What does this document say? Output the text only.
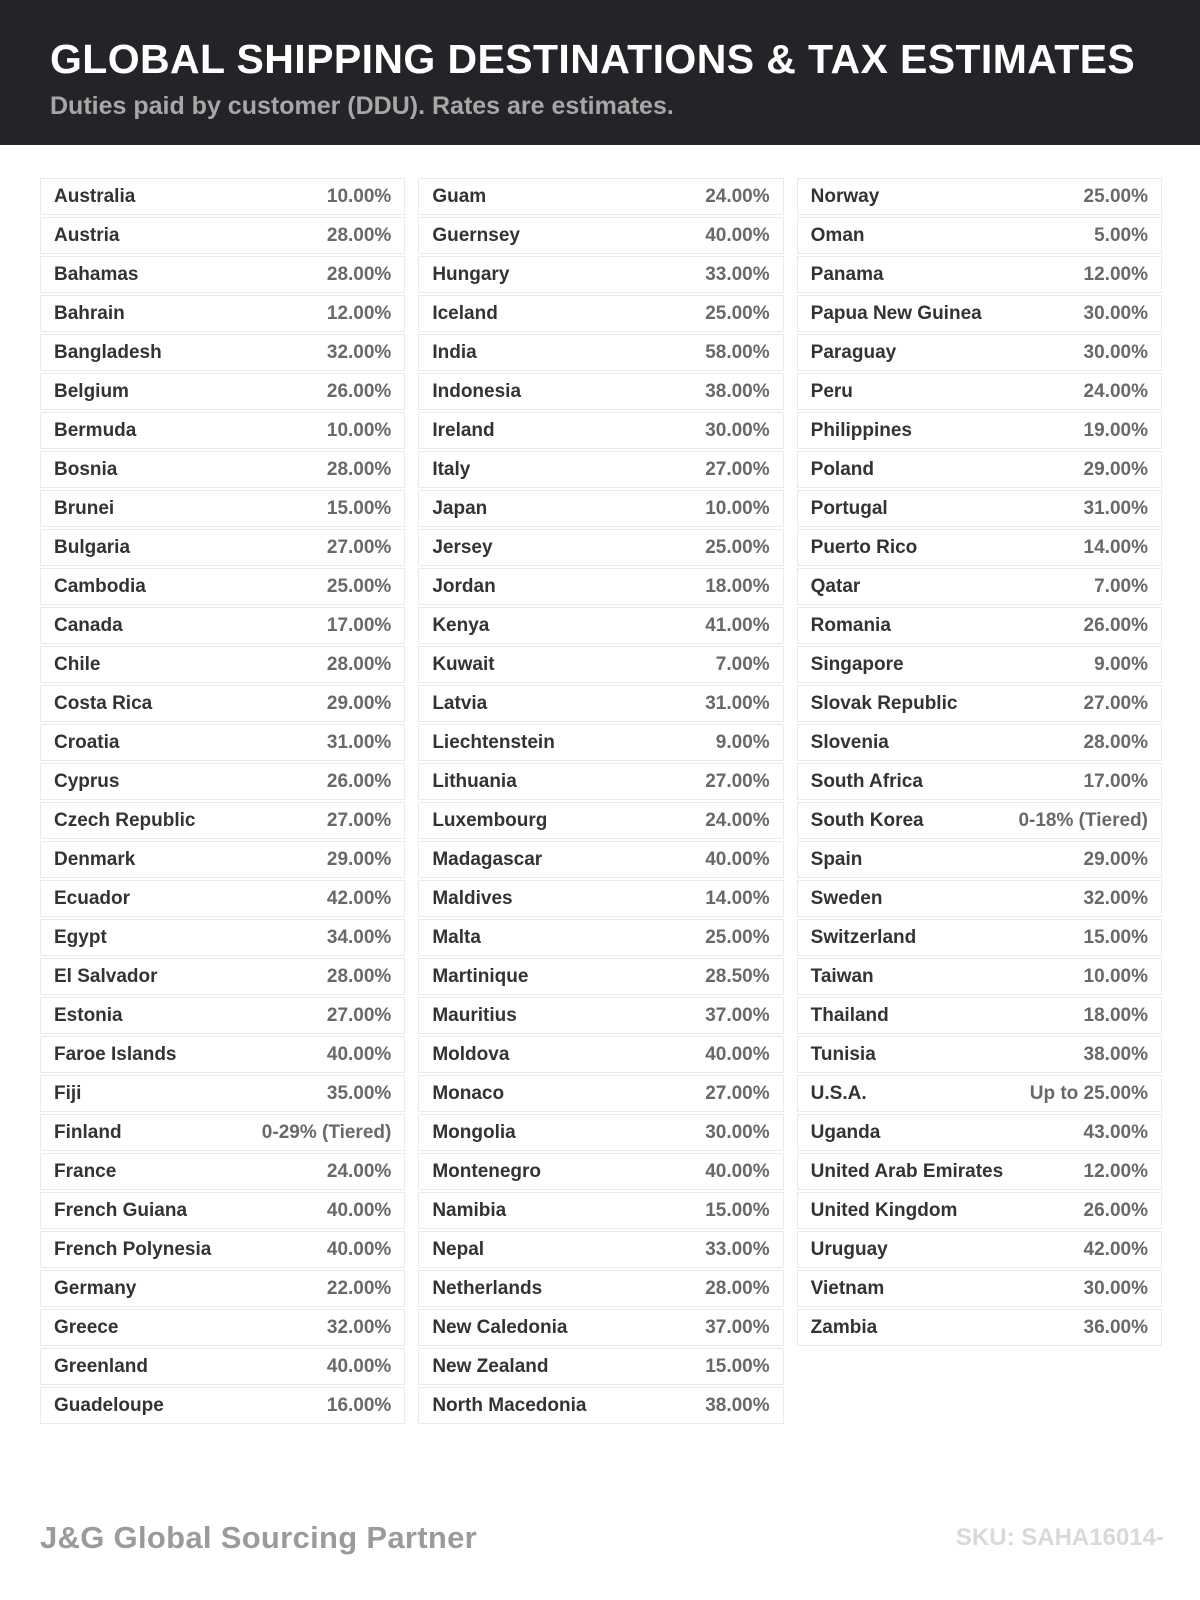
GLOBAL SHIPPING DESTINATIONS & TAX ESTIMATES
Duties paid by customer (DDU). Rates are estimates.
Australia	10.00%
Austria	28.00%
Bahamas	28.00%
Bahrain	12.00%
Bangladesh	32.00%
Belgium	26.00%
Bermuda	10.00%
Bosnia	28.00%
Brunei	15.00%
Bulgaria	27.00%
Cambodia	25.00%
Canada	17.00%
Chile	28.00%
Costa Rica	29.00%
Croatia	31.00%
Cyprus	26.00%
Czech Republic	27.00%
Denmark	29.00%
Ecuador	42.00%
Egypt	34.00%
El Salvador	28.00%
Estonia	27.00%
Faroe Islands	40.00%
Fiji	35.00%
Finland	0-29% (Tiered)
France	24.00%
French Guiana	40.00%
French Polynesia	40.00%
Germany	22.00%
Greece	32.00%
Greenland	40.00%
Guadeloupe	16.00%
Guam	24.00%
Guernsey	40.00%
Hungary	33.00%
Iceland	25.00%
India	58.00%
Indonesia	38.00%
Ireland	30.00%
Italy	27.00%
Japan	10.00%
Jersey	25.00%
Jordan	18.00%
Kenya	41.00%
Kuwait	7.00%
Latvia	31.00%
Liechtenstein	9.00%
Lithuania	27.00%
Luxembourg	24.00%
Madagascar	40.00%
Maldives	14.00%
Malta	25.00%
Martinique	28.50%
Mauritius	37.00%
Moldova	40.00%
Monaco	27.00%
Mongolia	30.00%
Montenegro	40.00%
Namibia	15.00%
Nepal	33.00%
Netherlands	28.00%
New Caledonia	37.00%
New Zealand	15.00%
North Macedonia	38.00%
Norway	25.00%
Oman	5.00%
Panama	12.00%
Papua New Guinea	30.00%
Paraguay	30.00%
Peru	24.00%
Philippines	19.00%
Poland	29.00%
Portugal	31.00%
Puerto Rico	14.00%
Qatar	7.00%
Romania	26.00%
Singapore	9.00%
Slovak Republic	27.00%
Slovenia	28.00%
South Africa	17.00%
South Korea	0-18% (Tiered)
Spain	29.00%
Sweden	32.00%
Switzerland	15.00%
Taiwan	10.00%
Thailand	18.00%
Tunisia	38.00%
U.S.A.	Up to 25.00%
Uganda	43.00%
United Arab Emirates	12.00%
United Kingdom	26.00%
Uruguay	42.00%
Vietnam	30.00%
Zambia	36.00%
J&G Global Sourcing Partner	SKU: SAHA16014-
